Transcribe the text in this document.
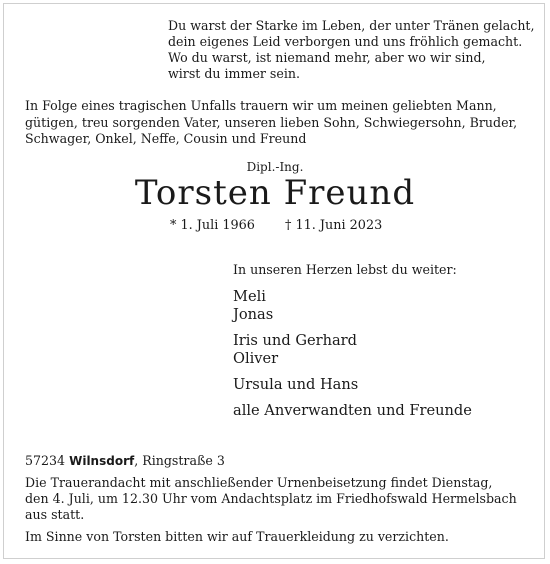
Du warst der Starke im Leben, der unter Tränen gelacht,
dein eigenes Leid verborgen und uns fröhlich gemacht.
Wo du warst, ist niemand mehr, aber wo wir sind,
wirst du immer sein.
In Folge eines tragischen Unfalls trauern wir um meinen geliebten Mann,
gütigen, treu sorgenden Vater, unseren lieben Sohn, Schwiegersohn, Bruder,
Schwager, Onkel, Neffe, Cousin und Freund
Dipl.-Ing.
Torsten Freund
* 1. Juli 1966 † 11. Juni 2023
In unseren Herzen lebst du weiter:
Meli
Jonas
Iris und Gerhard
Oliver
Ursula und Hans
alle Anverwandten und Freunde
57234 Wilnsdorf, Ringstraße 3
Die Trauerandacht mit anschließender Urnenbeisetzung findet Dienstag,
den 4. Juli, um 12.30 Uhr vom Andachtsplatz im Friedhofswald Hermelsbach
aus statt.
Im Sinne von Torsten bitten wir auf Trauerkleidung zu verzichten.
